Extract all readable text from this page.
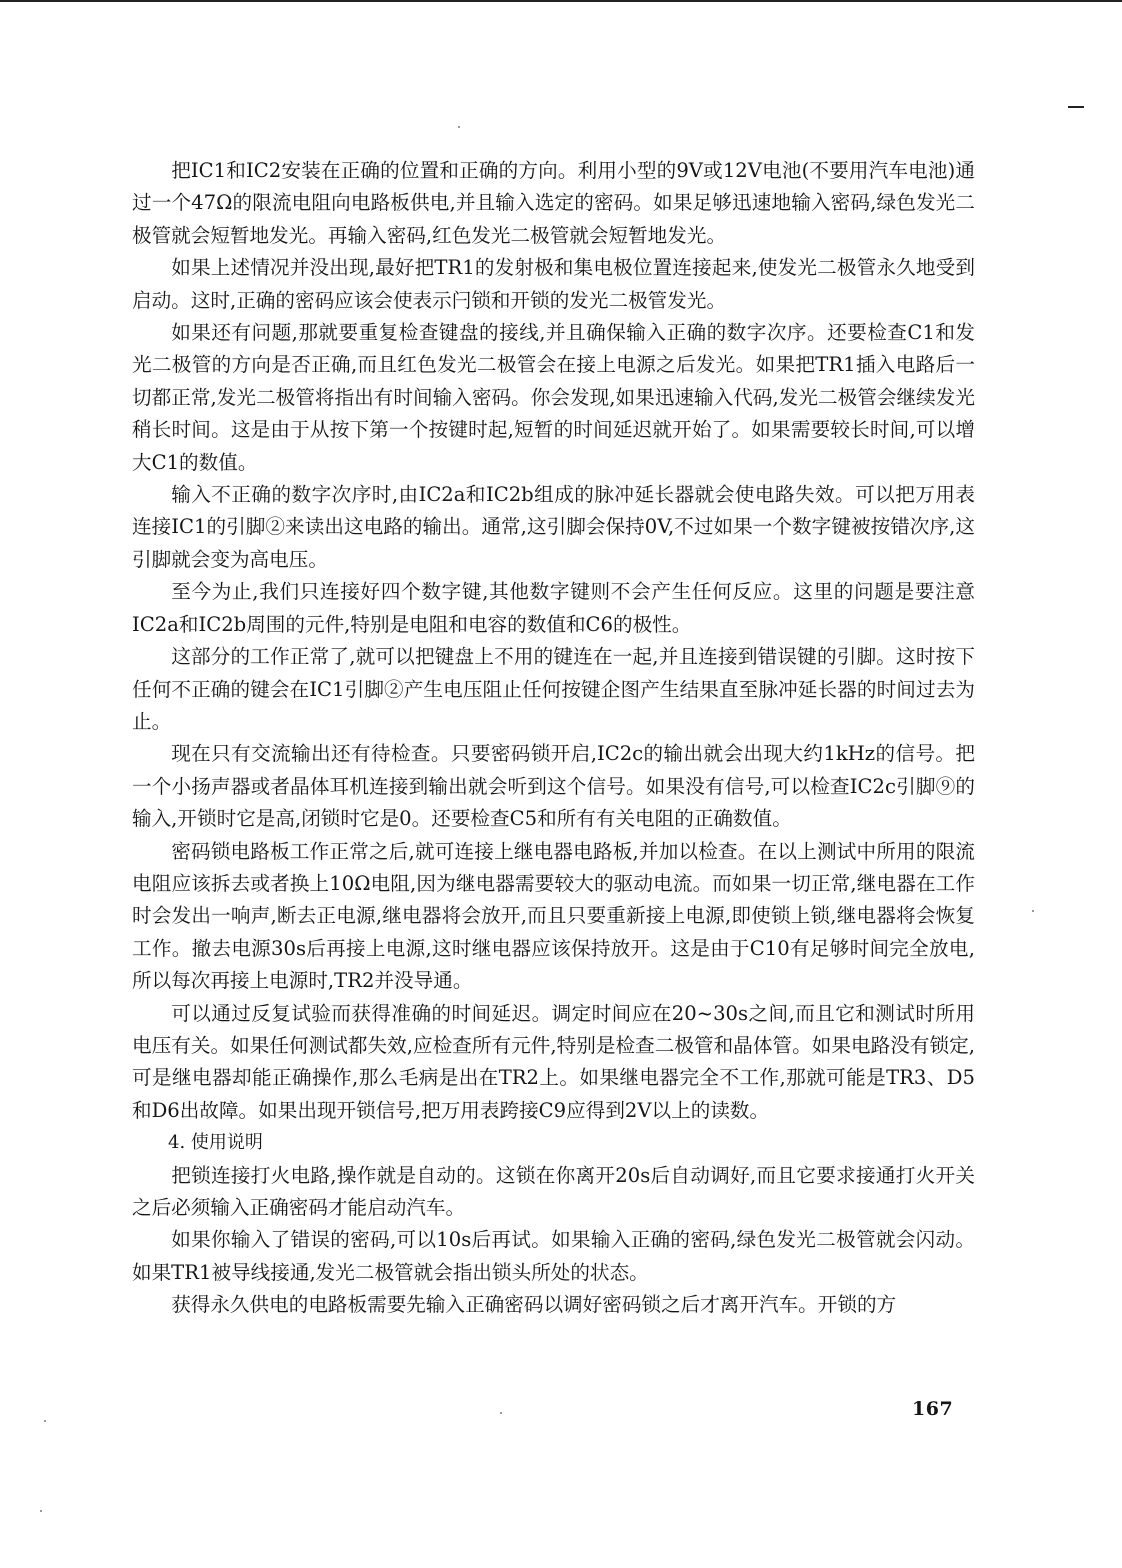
把IC1和IC2安装在正确的位置和正确的方向。利用小型的9V或12V电池(不要用汽车电池)通过一个47Ω的限流电阻向电路板供电,并且输入选定的密码。如果足够迅速地输入密码,绿色发光二极管就会短暂地发光。再输入密码,红色发光二极管就会短暂地发光。

如果上述情况并没出现,最好把TR1的发射极和集电极位置连接起来,使发光二极管永久地受到启动。这时,正确的密码应该会使表示闩锁和开锁的发光二极管发光。

如果还有问题,那就要重复检查键盘的接线,并且确保输入正确的数字次序。还要检查C1和发光二极管的方向是否正确,而且红色发光二极管会在接上电源之后发光。如果把TR1插入电路后一切都正常,发光二极管将指出有时间输入密码。你会发现,如果迅速输入代码,发光二极管会继续发光稍长时间。这是由于从按下第一个按键时起,短暂的时间延迟就开始了。如果需要较长时间,可以增大C1的数值。

输入不正确的数字次序时,由IC2a和IC2b组成的脉冲延长器就会使电路失效。可以把万用表连接IC1的引脚②来读出这电路的输出。通常,这引脚会保持0V,不过如果一个数字键被按错次序,这引脚就会变为高电压。

至今为止,我们只连接好四个数字键,其他数字键则不会产生任何反应。这里的问题是要注意IC2a和IC2b周围的元件,特别是电阻和电容的数值和C6的极性。

这部分的工作正常了,就可以把键盘上不用的键连在一起,并且连接到错误键的引脚。这时按下任何不正确的键会在IC1引脚②产生电压阻止任何按键企图产生结果直至脉冲延长器的时间过去为止。

现在只有交流输出还有待检查。只要密码锁开启,IC2c的输出就会出现大约1kHz的信号。把一个小扬声器或者晶体耳机连接到输出就会听到这个信号。如果没有信号,可以检查IC2c引脚⑨的输入,开锁时它是高,闭锁时它是0。还要检查C5和所有有关电阻的正确数值。

密码锁电路板工作正常之后,就可连接上继电器电路板,并加以检查。在以上测试中所用的限流电阻应该拆去或者换上10Ω电阻,因为继电器需要较大的驱动电流。而如果一切正常,继电器在工作时会发出一响声,断去正电源,继电器将会放开,而且只要重新接上电源,即使锁上锁,继电器将会恢复工作。撤去电源30s后再接上电源,这时继电器应该保持放开。这是由于C10有足够时间完全放电,所以每次再接上电源时,TR2并没导通。

可以通过反复试验而获得准确的时间延迟。调定时间应在20~30s之间,而且它和测试时所用电压有关。如果任何测试都失效,应检查所有元件,特别是检查二极管和晶体管。如果电路没有锁定,可是继电器却能正确操作,那么毛病是出在TR2上。如果继电器完全不工作,那就可能是TR3、D5和D6出故障。如果出现开锁信号,把万用表跨接C9应得到2V以上的读数。

4. 使用说明

把锁连接打火电路,操作就是自动的。这锁在你离开20s后自动调好,而且它要求接通打火开关之后必须输入正确密码才能启动汽车。

如果你输入了错误的密码,可以10s后再试。如果输入正确的密码,绿色发光二极管就会闪动。如果TR1被导线接通,发光二极管就会指出锁头所处的状态。

获得永久供电的电路板需要先输入正确密码以调好密码锁之后才离开汽车。开锁的方

167
